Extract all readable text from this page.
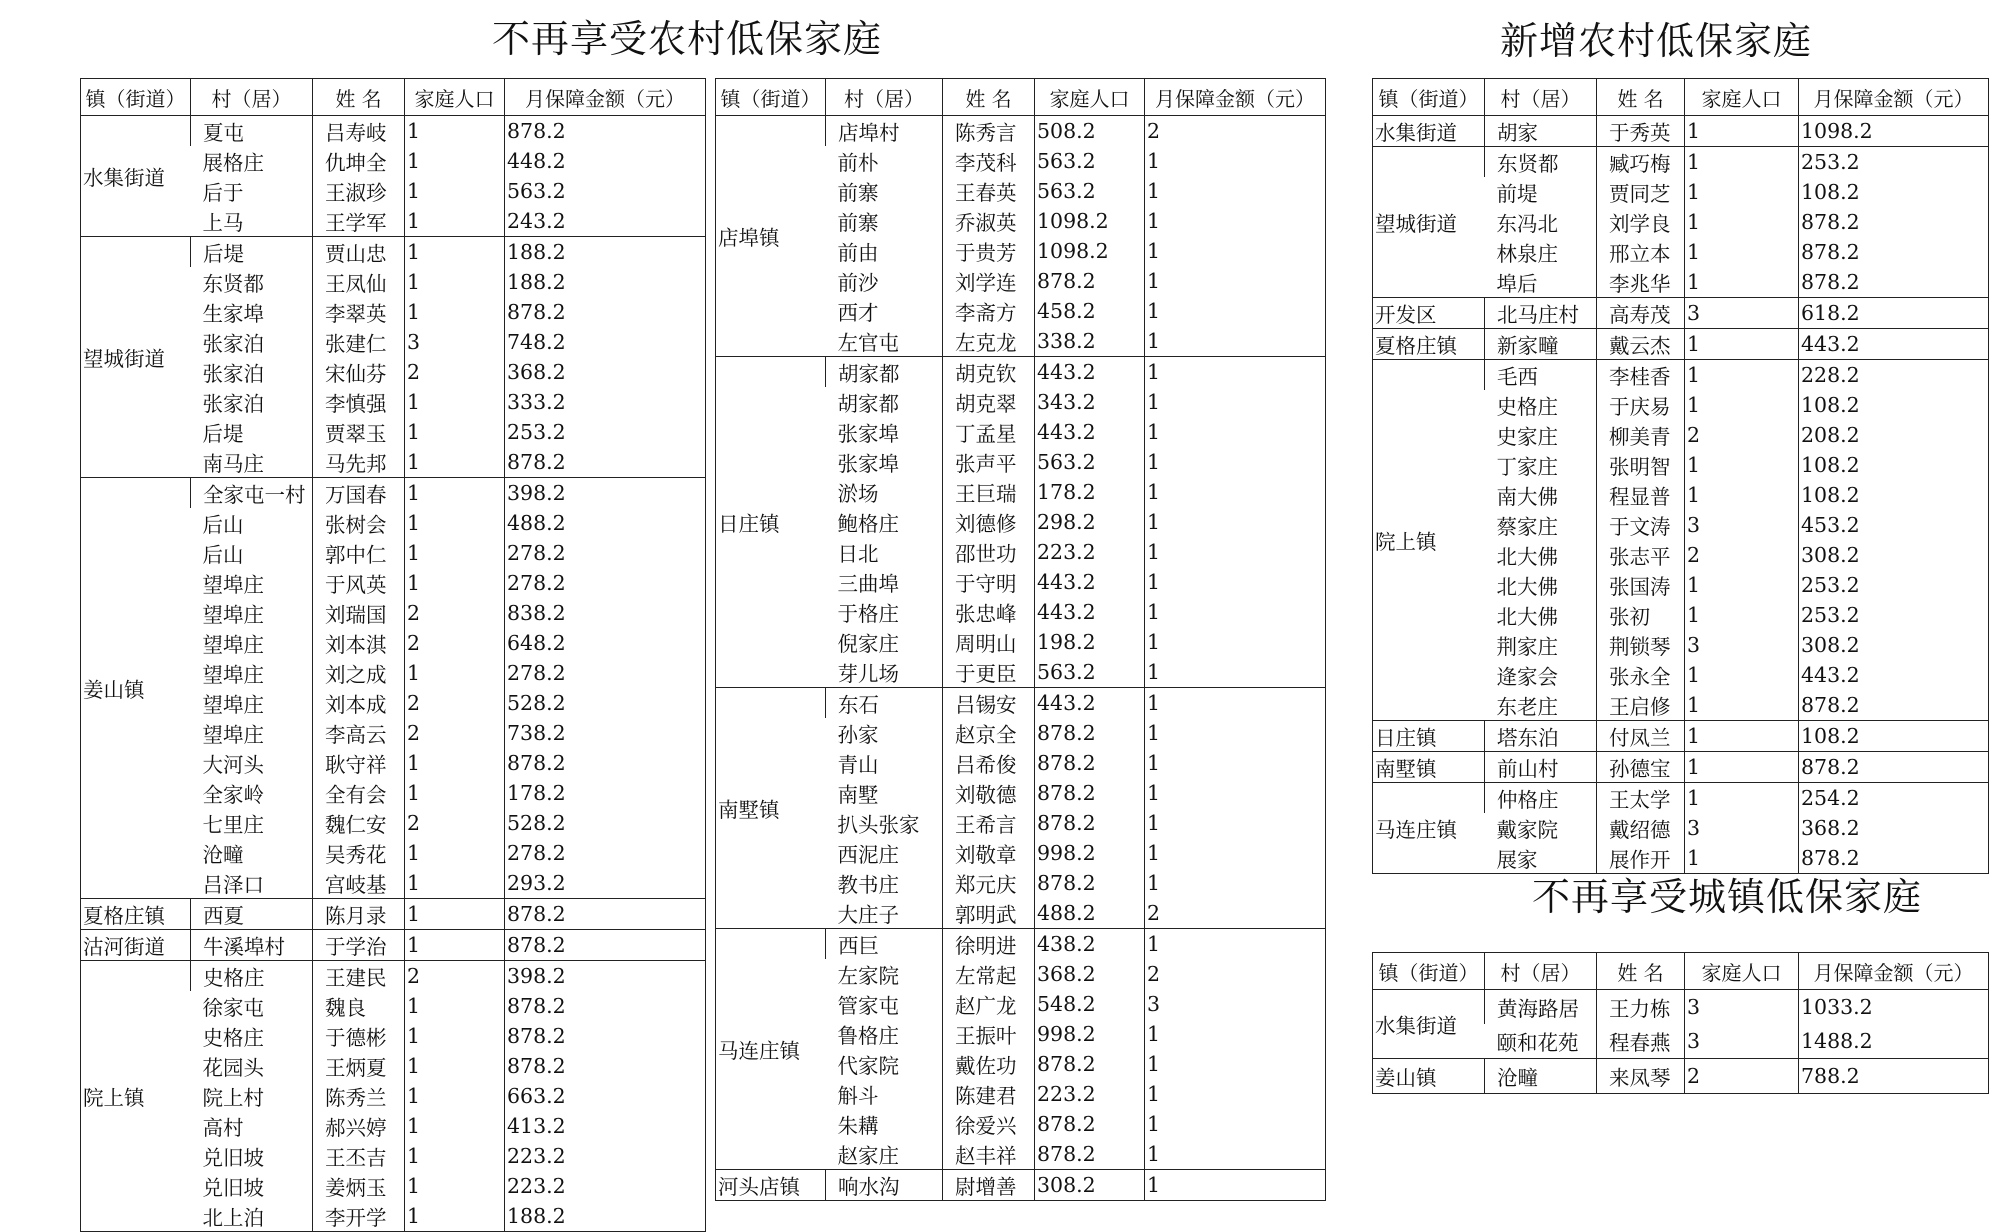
不再享受农村低保家庭	新增农村低保家庭
不再享受城镇低保家庭
镇（街道）	村（居）	姓 名	家庭人口	月保障金额（元）
水集街道	夏屯	吕寿岐	1	878.2
	展格庄	仇坤全	1	448.2
	后于	王淑珍	1	563.2
	上马	王学军	1	243.2
望城街道	后堤	贾山忠	1	188.2
	东贤都	王凤仙	1	188.2
	生家埠	李翠英	1	878.2
	张家泊	张建仁	3	748.2
	张家泊	宋仙芬	2	368.2
	张家泊	李慎强	1	333.2
	后堤	贾翠玉	1	253.2
	南马庄	马先邦	1	878.2
姜山镇	全家屯一村	万国春	1	398.2
	后山	张树会	1	488.2
	后山	郭中仁	1	278.2
	望埠庄	于风英	1	278.2
	望埠庄	刘瑞国	2	838.2
	望埠庄	刘本淇	2	648.2
	望埠庄	刘之成	1	278.2
	望埠庄	刘本成	2	528.2
	望埠庄	李高云	2	738.2
	大河头	耿守祥	1	878.2
	全家岭	全有会	1	178.2
	七里庄	魏仁安	2	528.2
	沧疃	吴秀花	1	278.2
	吕泽口	宫岐基	1	293.2
夏格庄镇	西夏	陈月录	1	878.2
沽河街道	牛溪埠村	于学治	1	878.2
院上镇	史格庄	王建民	2	398.2
	徐家屯	魏良	1	878.2
	史格庄	于德彬	1	878.2
	花园头	王炳夏	1	878.2
	院上村	陈秀兰	1	663.2
	高村	郝兴婷	1	413.2
	兑旧坡	王丕吉	1	223.2
	兑旧坡	姜炳玉	1	223.2
	北上泊	李开学	1	188.2
镇（街道）	村（居）	姓 名	家庭人口	月保障金额（元）
店埠镇	店埠村	陈秀言	508.2	2
	前朴	李茂科	563.2	1
	前寨	王春英	563.2	1
	前寨	乔淑英	1098.2	1
	前由	于贵芳	1098.2	1
	前沙	刘学连	878.2	1
	西才	李斋方	458.2	1
	左官屯	左克龙	338.2	1
日庄镇	胡家都	胡克钦	443.2	1
	胡家都	胡克翠	343.2	1
	张家埠	丁孟星	443.2	1
	张家埠	张声平	563.2	1
	淤场	王巨瑞	178.2	1
	鲍格庄	刘德修	298.2	1
	日北	邵世功	223.2	1
	三曲埠	于守明	443.2	1
	于格庄	张忠峰	443.2	1
	倪家庄	周明山	198.2	1
	芽儿场	于更臣	563.2	1
南墅镇	东石	吕锡安	443.2	1
	孙家	赵京全	878.2	1
	青山	吕希俊	878.2	1
	南墅	刘敬德	878.2	1
	扒头张家	王希言	878.2	1
	西泥庄	刘敬章	998.2	1
	教书庄	郑元庆	878.2	1
	大庄子	郭明武	488.2	2
马连庄镇	西巨	徐明进	438.2	1
	左家院	左常起	368.2	2
	管家屯	赵广龙	548.2	3
	鲁格庄	王振叶	998.2	1
	代家院	戴佐功	878.2	1
	斛斗	陈建君	223.2	1
	朱耩	徐爱兴	878.2	1
	赵家庄	赵丰祥	878.2	1
河头店镇	响水沟	尉增善	308.2	1
镇（街道）	村（居）	姓 名	家庭人口	月保障金额（元）
水集街道	胡家	于秀英	1	1098.2
望城街道	东贤都	臧巧梅	1	253.2
	前堤	贾同芝	1	108.2
	东冯北	刘学良	1	878.2
	林泉庄	邢立本	1	878.2
	埠后	李兆华	1	878.2
开发区	北马庄村	高寿茂	3	618.2
夏格庄镇	新家疃	戴云杰	1	443.2
院上镇	毛西	李桂香	1	228.2
	史格庄	于庆易	1	108.2
	史家庄	柳美青	2	208.2
	丁家庄	张明智	1	108.2
	南大佛	程显普	1	108.2
	蔡家庄	于文涛	3	453.2
	北大佛	张志平	2	308.2
	北大佛	张国涛	1	253.2
	北大佛	张初	1	253.2
	荆家庄	荆锁琴	3	308.2
	逄家会	张永全	1	443.2
	东老庄	王启修	1	878.2
日庄镇	塔东泊	付凤兰	1	108.2
南墅镇	前山村	孙德宝	1	878.2
马连庄镇	仲格庄	王太学	1	254.2
	戴家院	戴绍德	3	368.2
	展家	展作开	1	878.2
镇（街道）	村（居）	姓 名	家庭人口	月保障金额（元）
水集街道	黄海路居	王力栋	3	1033.2
	颐和花苑	程春燕	3	1488.2
姜山镇	沧疃	来凤琴	2	788.2
